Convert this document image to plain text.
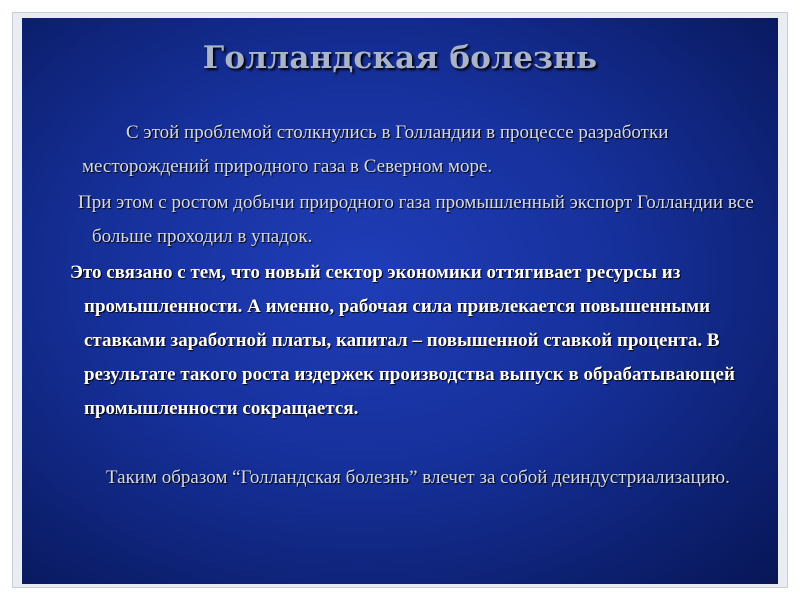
Голландская болезнь

С этой проблемой столкнулись в Голландии в процессе разработки месторождений природного газа в Северном море.

При этом с ростом добычи природного газа промышленный экспорт Голландии все больше проходил в упадок.

Это связано с тем, что новый сектор экономики оттягивает ресурсы из промышленности. А именно, рабочая сила привлекается повышенными ставками заработной платы, капитал – повышенной ставкой процента. В результате такого роста издержек производства выпуск в обрабатывающей промышленности сокращается.

Таким образом “Голландская болезнь” влечет за собой деиндустриализацию.
